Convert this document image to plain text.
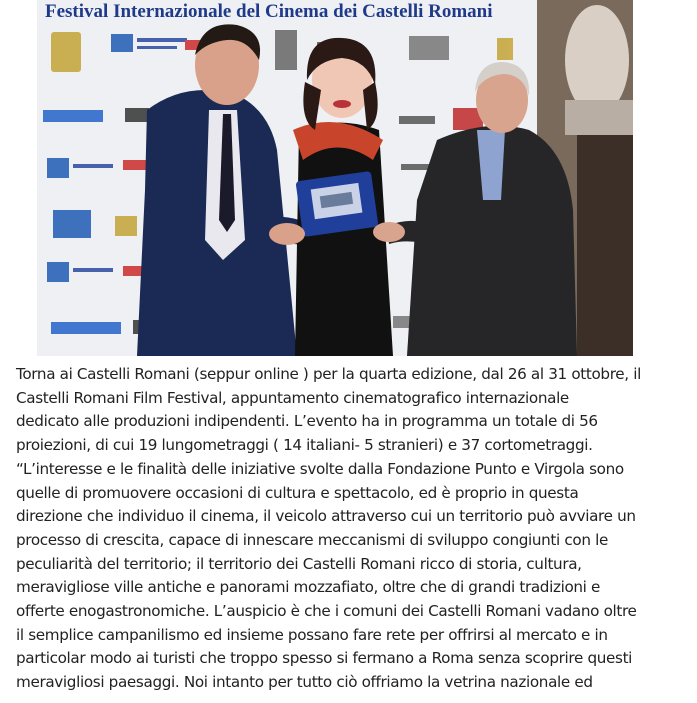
Festival Internazionale del Cinema dei Castelli Romani
Torna ai Castelli Romani (seppur online ) per la quarta edizione, dal 26 al 31 ottobre, il
Castelli Romani Film Festival, appuntamento cinematografico internazionale
dedicato alle produzioni indipendenti. L’evento ha in programma un totale di 56
proiezioni, di cui 19 lungometraggi ( 14 italiani- 5 stranieri) e 37 cortometraggi.
“L’interesse e le finalità delle iniziative svolte dalla Fondazione Punto e Virgola sono
quelle di promuovere occasioni di cultura e spettacolo, ed è proprio in questa
direzione che individuo il cinema, il veicolo attraverso cui un territorio può avviare un
processo di crescita, capace di innescare meccanismi di sviluppo congiunti con le
peculiarità del territorio; il territorio dei Castelli Romani ricco di storia, cultura,
meravigliose ville antiche e panorami mozzafiato, oltre che di grandi tradizioni e
offerte enogastronomiche. L’auspicio è che i comuni dei Castelli Romani vadano oltre
il semplice campanilismo ed insieme possano fare rete per offrirsi al mercato e in
particolar modo ai turisti che troppo spesso si fermano a Roma senza scoprire questi
meravigliosi paesaggi. Noi intanto per tutto ciò offriamo la vetrina nazionale ed
